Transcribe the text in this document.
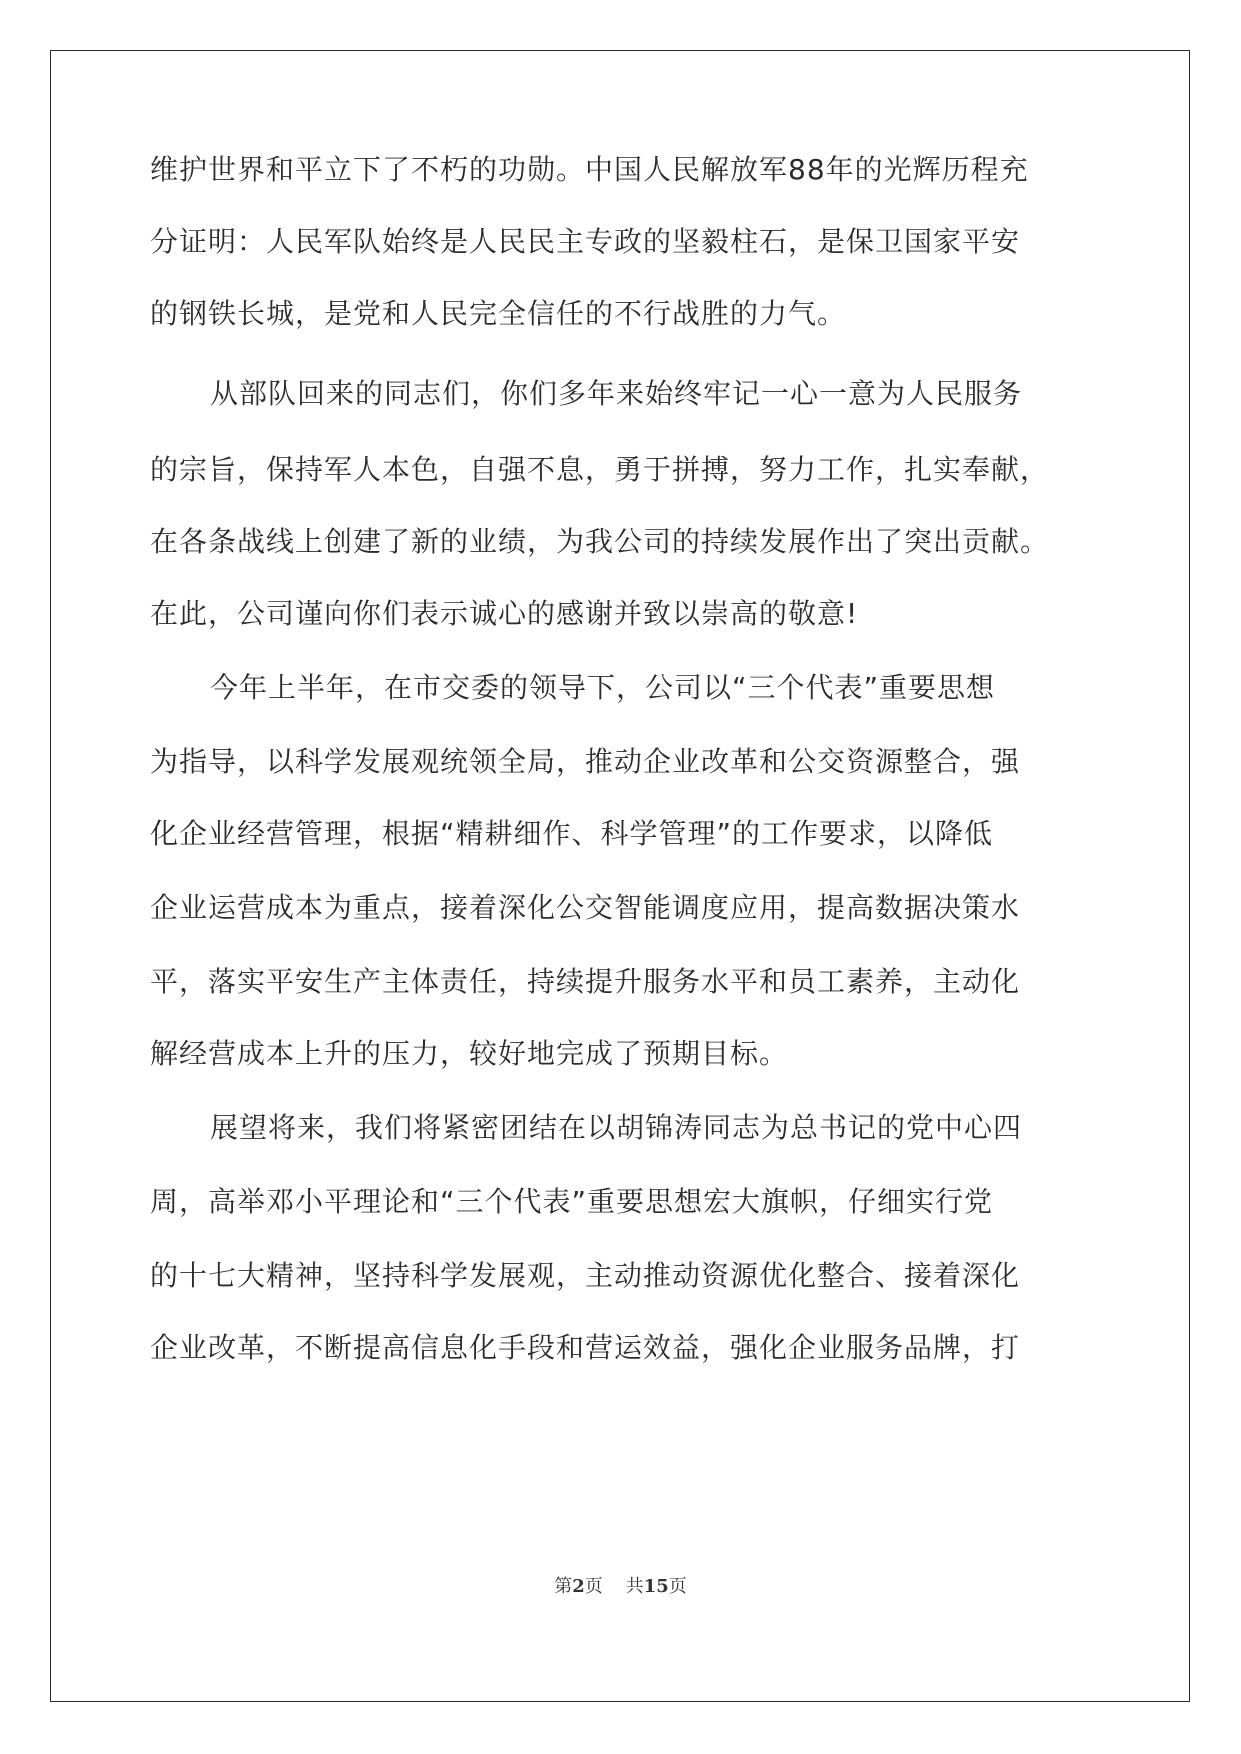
维护世界和平立下了不朽的功勋。中国人民解放军88年的光辉历程充
分证明：人民军队始终是人民民主专政的坚毅柱石，是保卫国家平安
的钢铁长城，是党和人民完全信任的不行战胜的力气。
从部队回来的同志们，你们多年来始终牢记一心一意为人民服务
的宗旨，保持军人本色，自强不息，勇于拼搏，努力工作，扎实奉献，
在各条战线上创建了新的业绩，为我公司的持续发展作出了突出贡献。
在此，公司谨向你们表示诚心的感谢并致以崇高的敬意!
今年上半年，在市交委的领导下，公司以“三个代表”重要思想
为指导，以科学发展观统领全局，推动企业改革和公交资源整合，强
化企业经营管理，根据“精耕细作、科学管理”的工作要求，以降低
企业运营成本为重点，接着深化公交智能调度应用，提高数据决策水
平，落实平安生产主体责任，持续提升服务水平和员工素养，主动化
解经营成本上升的压力，较好地完成了预期目标。
展望将来，我们将紧密团结在以胡锦涛同志为总书记的党中心四
周，高举邓小平理论和“三个代表”重要思想宏大旗帜，仔细实行党
的十七大精神，坚持科学发展观，主动推动资源优化整合、接着深化
企业改革，不断提高信息化手段和营运效益，强化企业服务品牌，打
第2页 共15页
